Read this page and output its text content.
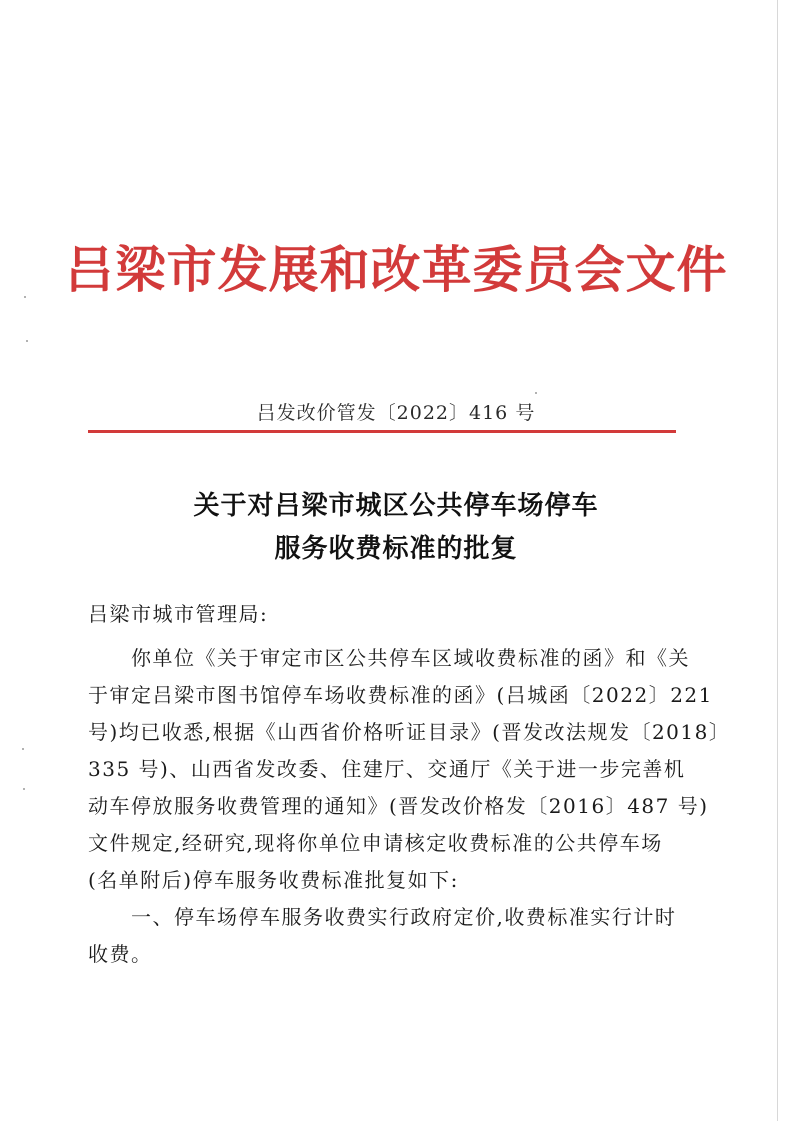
吕梁市发展和改革委员会文件
吕发改价管发〔2022〕416 号
关于对吕梁市城区公共停车场停车
服务收费标准的批复
吕梁市城市管理局:
　　你单位《关于审定市区公共停车区域收费标准的函》和《关
于审定吕梁市图书馆停车场收费标准的函》(吕城函〔2022〕221
号)均已收悉,根据《山西省价格听证目录》(晋发改法规发〔2018〕
335 号)、山西省发改委、住建厅、交通厅《关于进一步完善机
动车停放服务收费管理的通知》(晋发改价格发〔2016〕487 号)
文件规定,经研究,现将你单位申请核定收费标准的公共停车场
(名单附后)停车服务收费标准批复如下:
　　一、停车场停车服务收费实行政府定价,收费标准实行计时
收费。
